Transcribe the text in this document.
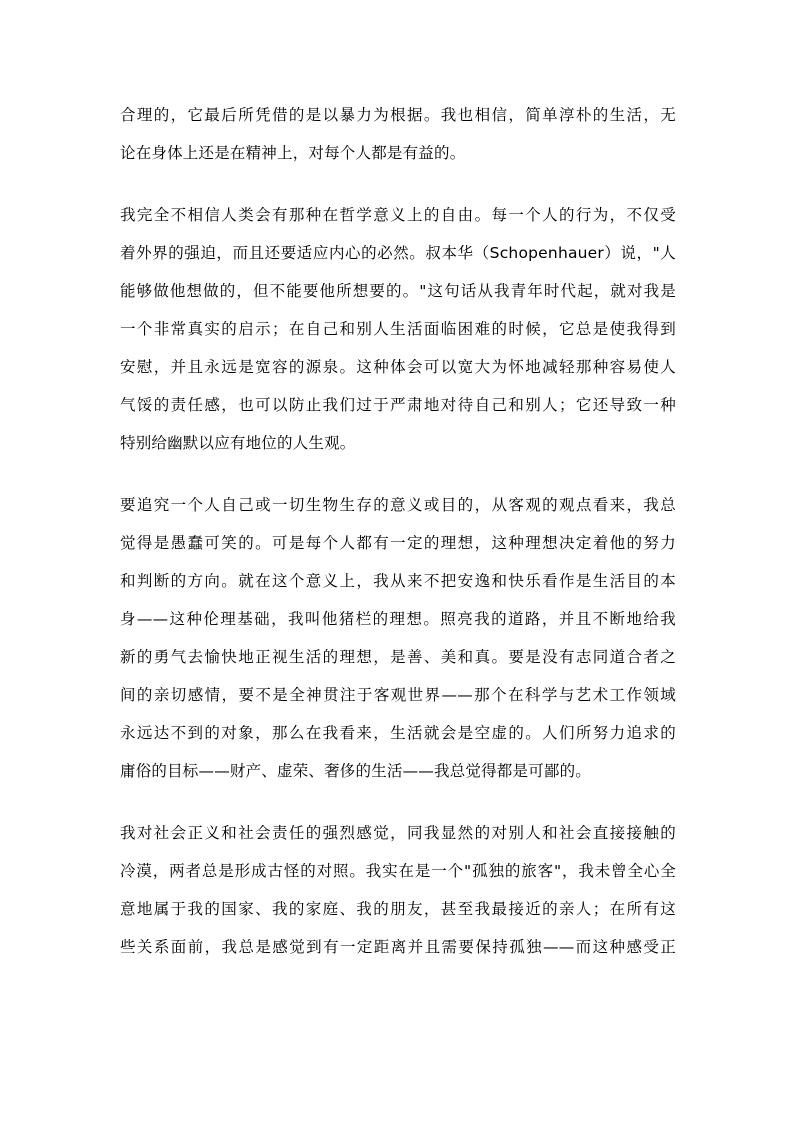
合理的，它最后所凭借的是以暴力为根据。我也相信，简单淳朴的生活，无
论在身体上还是在精神上，对每个人都是有益的。
我完全不相信人类会有那种在哲学意义上的自由。每一个人的行为，不仅受
着外界的强迫，而且还要适应内心的必然。叔本华（Schopenhauer）说，"人
能够做他想做的，但不能要他所想要的。"这句话从我青年时代起，就对我是
一个非常真实的启示；在自己和别人生活面临困难的时候，它总是使我得到
安慰，并且永远是宽容的源泉。这种体会可以宽大为怀地减轻那种容易使人
气馁的责任感，也可以防止我们过于严肃地对待自己和别人；它还导致一种
特别给幽默以应有地位的人生观。
要追究一个人自己或一切生物生存的意义或目的，从客观的观点看来，我总
觉得是愚蠢可笑的。可是每个人都有一定的理想，这种理想决定着他的努力
和判断的方向。就在这个意义上，我从来不把安逸和快乐看作是生活目的本
身——这种伦理基础，我叫他猪栏的理想。照亮我的道路，并且不断地给我
新的勇气去愉快地正视生活的理想，是善、美和真。要是没有志同道合者之
间的亲切感情，要不是全神贯注于客观世界——那个在科学与艺术工作领域
永远达不到的对象，那么在我看来，生活就会是空虚的。人们所努力追求的
庸俗的目标——财产、虚荣、奢侈的生活——我总觉得都是可鄙的。
我对社会正义和社会责任的强烈感觉，同我显然的对别人和社会直接接触的
冷漠，两者总是形成古怪的对照。我实在是一个"孤独的旅客"，我未曾全心全
意地属于我的国家、我的家庭、我的朋友，甚至我最接近的亲人；在所有这
些关系面前，我总是感觉到有一定距离并且需要保持孤独——而这种感受正
